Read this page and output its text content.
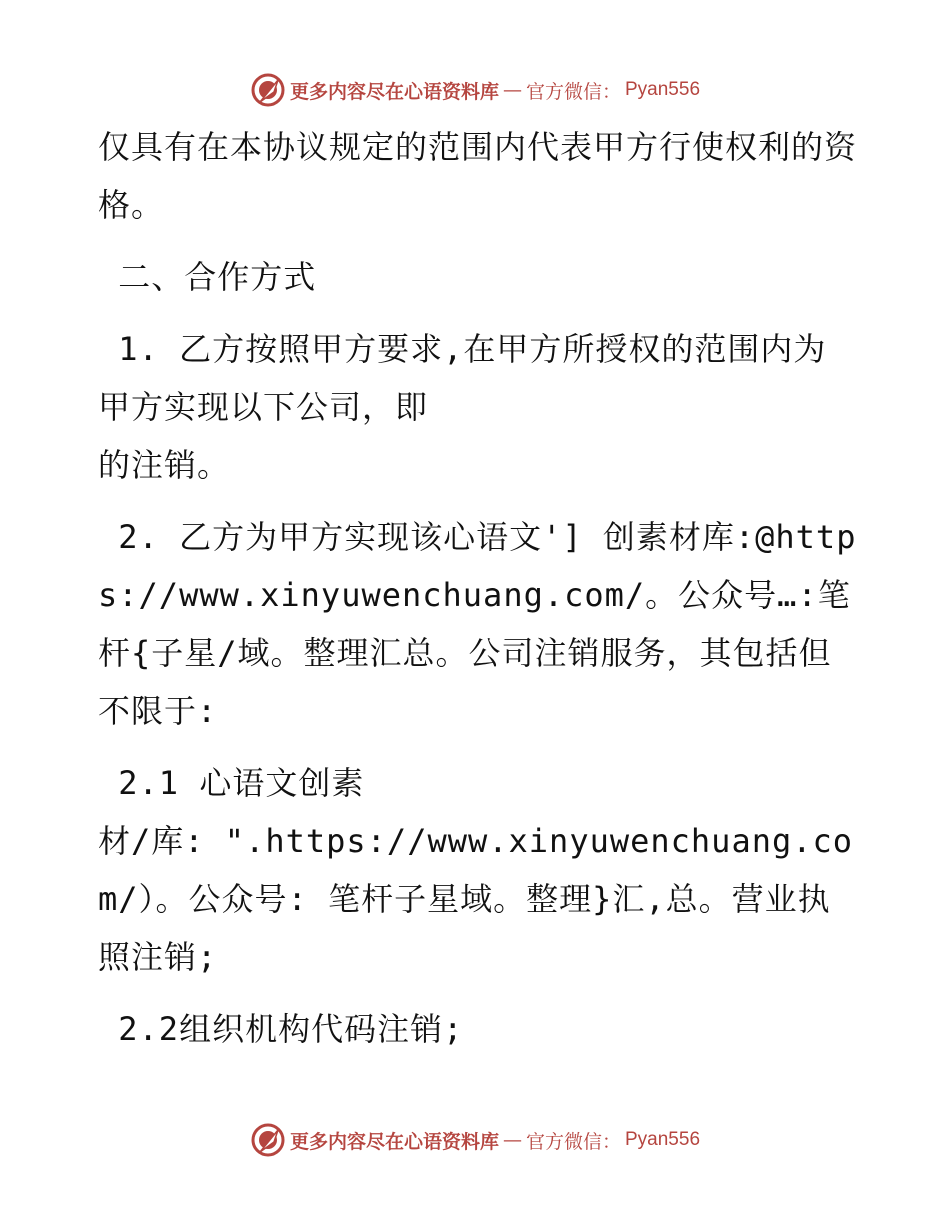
更多内容尽在心语资料库 — 官方微信： Pyan556

仅具有在本协议规定的范围内代表甲方行使权利的资格。

二、合作方式

1. 乙方按照甲方要求,在甲方所授权的范围内为甲方实现以下公司，即                    的注销。

2. 乙方为甲方实现该心语文'] 创素材库:@https://www.xinyuwenchuang.com/。公众号…:笔杆{子星/域。整理汇总。公司注销服务，其包括但不限于:

2.1 心语文创素
材/库: ".https://www.xinyuwenchuang.com/）。公众号: 笔杆子星域。整理}汇,总。营业执照注销;

2.2组织机构代码注销;

更多内容尽在心语资料库 — 官方微信： Pyan556
